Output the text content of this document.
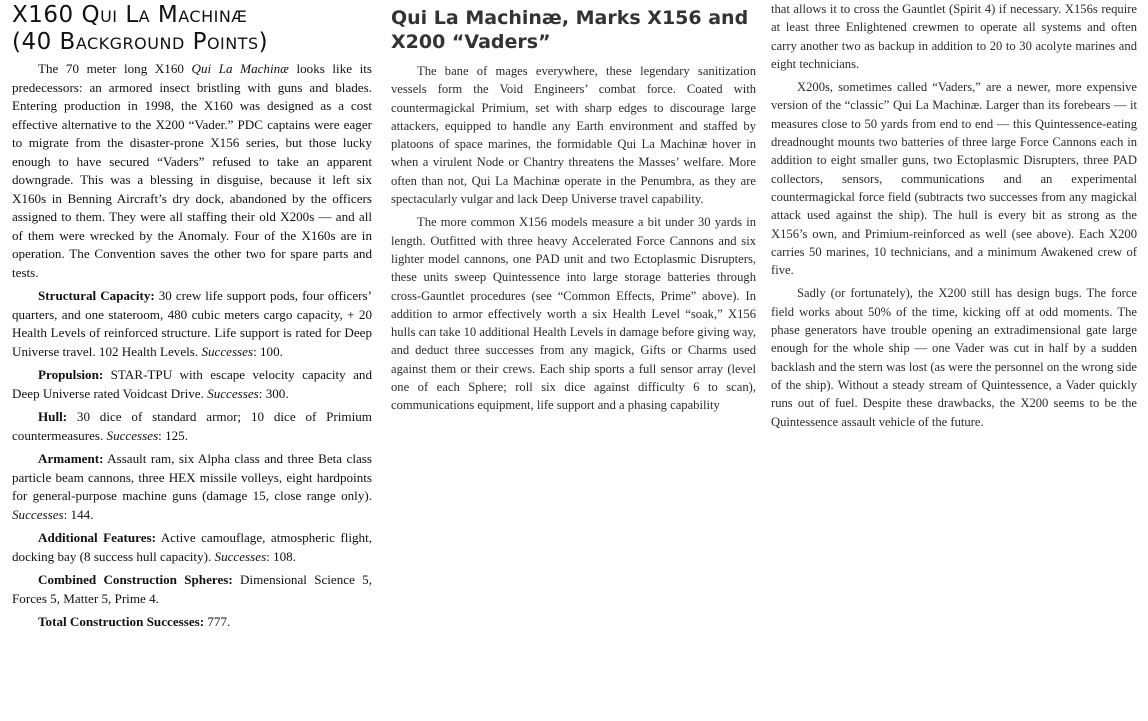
X160 Qui La Machinæ
(40 Background Points)

The 70 meter long X160 Qui La Machinæ looks like its predecessors: an armored insect bristling with guns and blades. Entering production in 1998, the X160 was designed as a cost effective alternative to the X200 “Vader.” PDC captains were eager to migrate from the disaster-prone X156 series, but those lucky enough to have secured “Vaders” refused to take an apparent downgrade. This was a blessing in disguise, because it left six X160s in Benning Aircraft’s dry dock, abandoned by the officers assigned to them. They were all staffing their old X200s — and all of them were wrecked by the Anomaly. Four of the X160s are in operation. The Convention saves the other two for spare parts and tests.

Structural Capacity: 30 crew life support pods, four officers’ quarters, and one stateroom, 480 cubic meters cargo capacity, + 20 Health Levels of reinforced structure. Life support is rated for Deep Universe travel. 102 Health Levels. Successes: 100.

Propulsion: STAR-TPU with escape velocity capacity and Deep Universe rated Voidcast Drive. Successes: 300.

Hull: 30 dice of standard armor; 10 dice of Primium countermeasures. Successes: 125.

Armament: Assault ram, six Alpha class and three Beta class particle beam cannons, three HEX missile volleys, eight hardpoints for general-purpose machine guns (damage 15, close range only). Successes: 144.

Additional Features: Active camouflage, atmospheric flight, docking bay (8 success hull capacity). Successes: 108.

Combined Construction Spheres: Dimensional Science 5, Forces 5, Matter 5, Prime 4.

Total Construction Successes: 777.

Qui La Machinæ, Marks X156 and
X200 “Vaders”

The bane of mages everywhere, these legendary sanitization vessels form the Void Engineers’ combat force. Coated with countermagickal Primium, set with sharp edges to discourage large attackers, equipped to handle any Earth environment and staffed by platoons of space marines, the formidable Qui La Machinæ hover in when a virulent Node or Chantry threatens the Masses’ welfare. More often than not, Qui La Machinæ operate in the Penumbra, as they are spectacularly vulgar and lack Deep Universe travel capability.

The more common X156 models measure a bit under 30 yards in length. Outfitted with three heavy Accelerated Force Cannons and six lighter model cannons, one PAD unit and two Ectoplasmic Disrupters, these units sweep Quintessence into large storage batteries through cross-Gauntlet procedures (see “Common Effects, Prime” above). In addition to armor effectively worth a six Health Level “soak,” X156 hulls can take 10 additional Health Levels in damage before giving way, and deduct three successes from any magick, Gifts or Charms used against them or their crews. Each ship sports a full sensor array (level one of each Sphere; roll six dice against difficulty 6 to scan), communications equipment, life support and a phasing capability

that allows it to cross the Gauntlet (Spirit 4) if necessary. X156s require at least three Enlightened crewmen to operate all systems and often carry another two as backup in addition to 20 to 30 acolyte marines and eight technicians.

X200s, sometimes called “Vaders,” are a newer, more expensive version of the “classic” Qui La Machinæ. Larger than its forebears — it measures close to 50 yards from end to end — this Quintessence-eating dreadnought mounts two batteries of three large Force Cannons each in addition to eight smaller guns, two Ectoplasmic Disrupters, three PAD collectors, sensors, communications and an experimental countermagickal force field (subtracts two successes from any magickal attack used against the ship). The hull is every bit as strong as the X156’s own, and Primium-reinforced as well (see above). Each X200 carries 50 marines, 10 technicians, and a minimum Awakened crew of five.

Sadly (or fortunately), the X200 still has design bugs. The force field works about 50% of the time, kicking off at odd moments. The phase generators have trouble opening an extradimensional gate large enough for the whole ship — one Vader was cut in half by a sudden backlash and the stern was lost (as were the personnel on the wrong side of the ship). Without a steady stream of Quintessence, a Vader quickly runs out of fuel. Despite these drawbacks, the X200 seems to be the Quintessence assault vehicle of the future.
